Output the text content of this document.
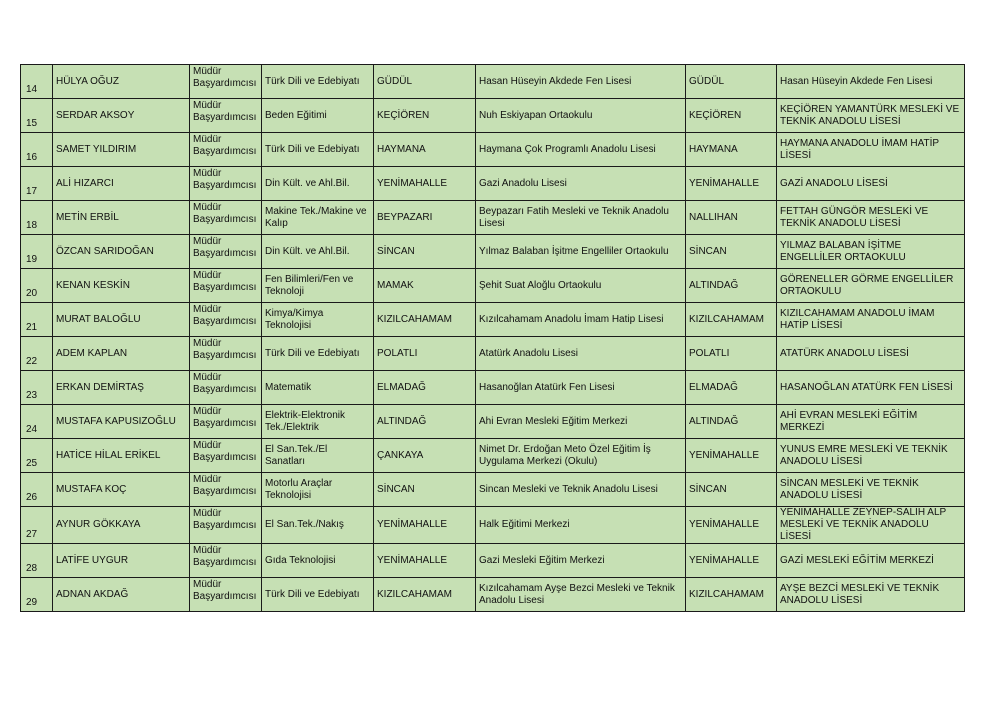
14	HÜLYA OĞUZ	Müdür Başyardımcısı	Türk Dili ve Edebiyatı	GÜDÜL	Hasan Hüseyin Akdede Fen Lisesi	GÜDÜL	Hasan Hüseyin Akdede Fen Lisesi
15	SERDAR AKSOY	Müdür Başyardımcısı	Beden Eğitimi	KEÇİÖREN	Nuh Eskiyapan Ortaokulu	KEÇİÖREN	KEÇİÖREN YAMANTÜRK MESLEKİ VE TEKNİK ANADOLU LİSESİ
16	SAMET YILDIRIM	Müdür Başyardımcısı	Türk Dili ve Edebiyatı	HAYMANA	Haymana Çok Programlı Anadolu Lisesi	HAYMANA	HAYMANA ANADOLU İMAM HATİP LİSESİ
17	ALİ HIZARCI	Müdür Başyardımcısı	Din Kült. ve Ahl.Bil.	YENİMAHALLE	Gazi Anadolu Lisesi	YENİMAHALLE	GAZİ ANADOLU LİSESİ
18	METİN ERBİL	Müdür Başyardımcısı	Makine Tek./Makine ve Kalıp	BEYPAZARI	Beypazarı Fatih Mesleki ve Teknik Anadolu Lisesi	NALLIHAN	FETTAH GÜNGÖR MESLEKİ VE TEKNİK ANADOLU LİSESİ
19	ÖZCAN SARIDOĞAN	Müdür Başyardımcısı	Din Kült. ve Ahl.Bil.	SİNCAN	Yılmaz Balaban İşitme Engelliler Ortaokulu	SİNCAN	YILMAZ BALABAN İŞİTME ENGELLİLER ORTAOKULU
20	KENAN KESKİN	Müdür Başyardımcısı	Fen Bilimleri/Fen ve Teknoloji	MAMAK	Şehit Suat Aloğlu Ortaokulu	ALTINDAĞ	GÖRENELLER GÖRME ENGELLİLER ORTAOKULU
21	MURAT BALOĞLU	Müdür Başyardımcısı	Kimya/Kimya Teknolojisi	KIZILCAHAMAM	Kızılcahamam Anadolu İmam Hatip Lisesi	KIZILCAHAMAM	KIZILCAHAMAM ANADOLU İMAM HATİP LİSESİ
22	ADEM KAPLAN	Müdür Başyardımcısı	Türk Dili ve Edebiyatı	POLATLI	Atatürk Anadolu Lisesi	POLATLI	ATATÜRK ANADOLU LİSESİ
23	ERKAN DEMİRTAŞ	Müdür Başyardımcısı	Matematik	ELMADAĞ	Hasanoğlan Atatürk Fen Lisesi	ELMADAĞ	HASANOĞLAN ATATÜRK FEN LİSESİ
24	MUSTAFA KAPUSIZOĞLU	Müdür Başyardımcısı	Elektrik-Elektronik Tek./Elektrik	ALTINDAĞ	Ahi Evran Mesleki Eğitim Merkezi	ALTINDAĞ	AHİ EVRAN MESLEKİ EĞİTİM MERKEZİ
25	HATİCE HİLAL ERİKEL	Müdür Başyardımcısı	El San.Tek./El Sanatları	ÇANKAYA	Nimet Dr. Erdoğan Meto Özel Eğitim İş Uygulama Merkezi (Okulu)	YENİMAHALLE	YUNUS EMRE MESLEKİ VE TEKNİK ANADOLU LİSESİ
26	MUSTAFA KOÇ	Müdür Başyardımcısı	Motorlu Araçlar Teknolojisi	SİNCAN	Sincan Mesleki ve Teknik Anadolu Lisesi	SİNCAN	SİNCAN MESLEKİ VE TEKNİK ANADOLU LİSESİ
27	AYNUR GÖKKAYA	Müdür Başyardımcısı	El San.Tek./Nakış	YENİMAHALLE	Halk Eğitimi Merkezi	YENİMAHALLE	YENİMAHALLE ZEYNEP-SALİH ALP MESLEKİ VE TEKNİK ANADOLU LİSESİ
28	LATİFE UYGUR	Müdür Başyardımcısı	Gıda Teknolojisi	YENİMAHALLE	Gazi Mesleki Eğitim Merkezi	YENİMAHALLE	GAZİ MESLEKİ EĞİTİM MERKEZİ
29	ADNAN AKDAĞ	Müdür Başyardımcısı	Türk Dili ve Edebiyatı	KIZILCAHAMAM	Kızılcahamam Ayşe Bezci Mesleki ve Teknik Anadolu Lisesi	KIZILCAHAMAM	AYŞE BEZCİ MESLEKİ VE TEKNİK ANADOLU LİSESİ
